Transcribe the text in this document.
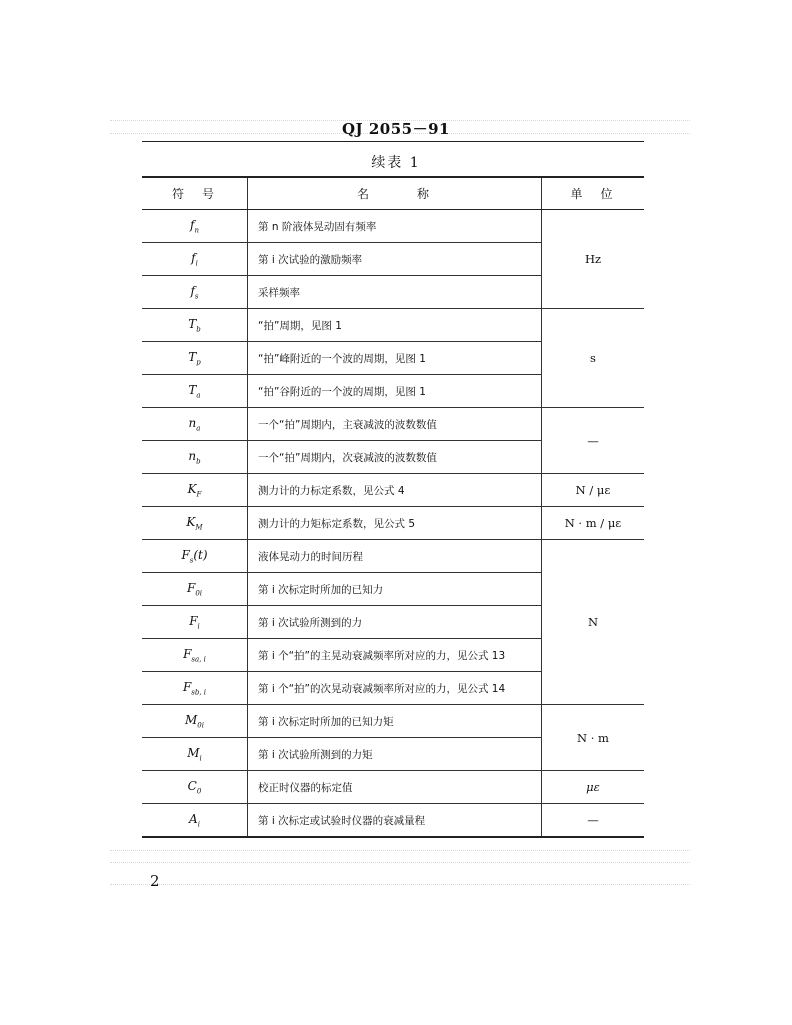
QJ 2055－91
续表 1
符　号	名　　　称	单　位
$f_n$	第 n 阶液体晃动固有频率	Hz
$f_i$	第 i 次试验的激励频率	
$f_s$	采样频率	
$T_b$	“拍”周期，见图 1	s
$T_p$	“拍”峰附近的一个波的周期，见图 1	
$T_a$	“拍”谷附近的一个波的周期，见图 1	
$n_a$	一个“拍”周期内，主衰减波的波数数值	—
$n_b$	一个“拍”周期内，次衰减波的波数数值	
$K_F$	测力计的力标定系数，见公式 4	N / με
$K_M$	测力计的力矩标定系数，见公式 5	N · m / με
$F_s(t)$	液体晃动力的时间历程	N
$F_{0i}$	第 i 次标定时所加的已知力	
$F_i$	第 i 次试验所测到的力	
$F_{sa, i}$	第 i 个“拍”的主晃动衰减频率所对应的力，见公式 13	
$F_{sb, i}$	第 i 个“拍”的次晃动衰减频率所对应的力，见公式 14	
$M_{0i}$	第 i 次标定时所加的已知力矩	N · m
$M_i$	第 i 次试验所测到的力矩	
$C_0$	校正时仪器的标定值	με
$A_i$	第 i 次标定或试验时仪器的衰减量程	—
2
